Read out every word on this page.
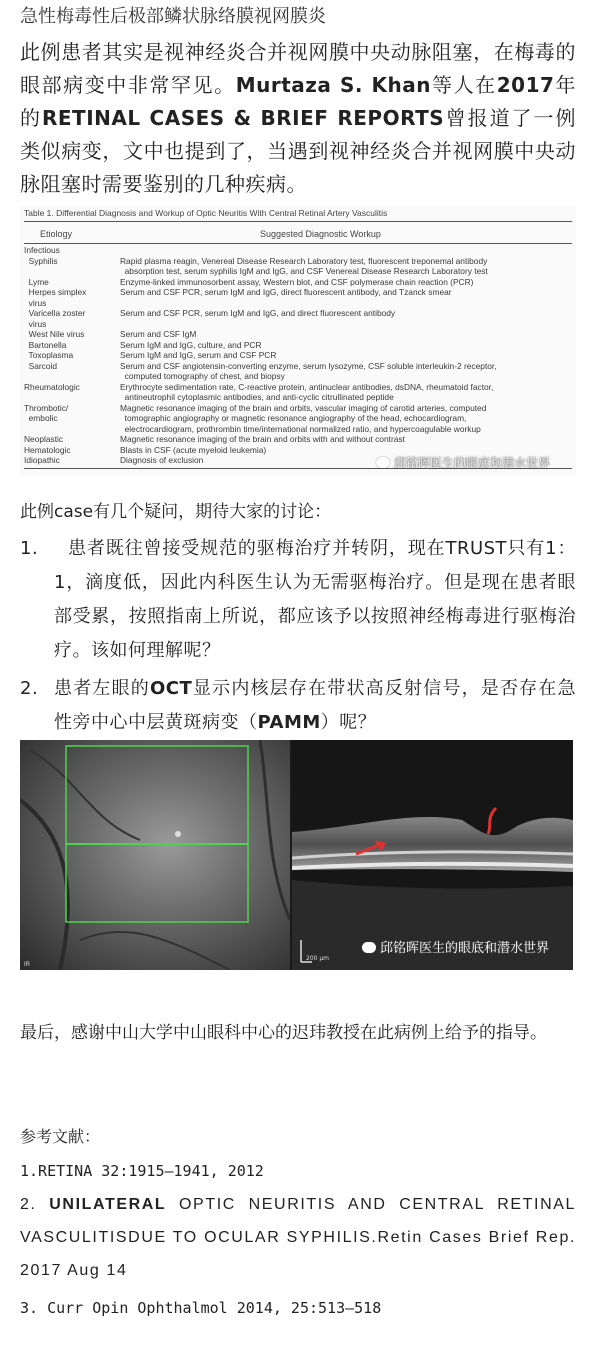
急性梅毒性后极部鳞状脉络膜视网膜炎

此例患者其实是视神经炎合并视网膜中央动脉阻塞，在梅毒的眼部病变中非常罕见。Murtaza S. Khan等人在2017年的RETINAL CASES & BRIEF REPORTS曾报道了一例类似病变，文中也提到了，当遇到视神经炎合并视网膜中央动脉阻塞时需要鉴别的几种疾病。

Table 1. Differential Diagnosis and Workup of Optic Neuritis With Central Retinal Artery Vasculitis
Etiology	Suggested Diagnostic Workup
Infectious
Syphilis	Rapid plasma reagin, Venereal Disease Research Laboratory test, fluorescent treponemal antibody
absorption test, serum syphilis IgM and IgG, and CSF Venereal Disease Research Laboratory test
Lyme	Enzyme-linked immunosorbent assay, Western blot, and CSF polymerase chain reaction (PCR)
Herpes simplex	Serum and CSF PCR, serum IgM and IgG, direct fluorescent antibody, and Tzanck smear
virus
Varicella zoster	Serum and CSF PCR, serum IgM and IgG, and direct fluorescent antibody
virus
West Nile virus	Serum and CSF IgM
Bartonella	Serum IgM and IgG, culture, and PCR
Toxoplasma	Serum IgM and IgG, serum and CSF PCR
Sarcoid	Serum and CSF angiotensin-converting enzyme, serum lysozyme, CSF soluble interleukin-2 receptor,
computed tomography of chest, and biopsy
Rheumatologic	Erythrocyte sedimentation rate, C-reactive protein, antinuclear antibodies, dsDNA, rheumatoid factor,
antineutrophil cytoplasmic antibodies, and anti-cyclic citrullinated peptide
Thrombotic/	Magnetic resonance imaging of the brain and orbits, vascular imaging of carotid arteries, computed
embolic	tomographic angiography or magnetic resonance angiography of the head, echocardiogram,
electrocardiogram, prothrombin time/international normalized ratio, and hypercoagulable workup
Neoplastic	Magnetic resonance imaging of the brain and orbits with and without contrast
Hematologic	Blasts in CSF (acute myeloid leukemia)
Idiopathic	Diagnosis of exclusion	邱铭晖医生的眼底和潜水世界
此例case有几个疑问，期待大家的讨论：
1.	患者既往曾接受规范的驱梅治疗并转阴，现在TRUST只有1：1，滴度低，因此内科医生认为无需驱梅治疗。但是现在患者眼部受累，按照指南上所说，都应该予以按照神经梅毒进行驱梅治疗。该如何理解呢？
2. 患者左眼的OCT显示内核层存在带状高反射信号，是否存在急性旁中心中层黄斑病变（PAMM）呢？
IR
200 µm
邱铭晖医生的眼底和潜水世界

最后，感谢中山大学中山眼科中心的迟玮教授在此病例上给予的指导。

参考文献：
1.RETINA 32:1915–1941, 2012
2. UNILATERAL OPTIC NEURITIS AND CENTRAL RETINAL VASCULITISDUE TO OCULAR SYPHILIS.Retin Cases Brief Rep. 2017 Aug 14
3. Curr Opin Ophthalmol 2014, 25:513–518
